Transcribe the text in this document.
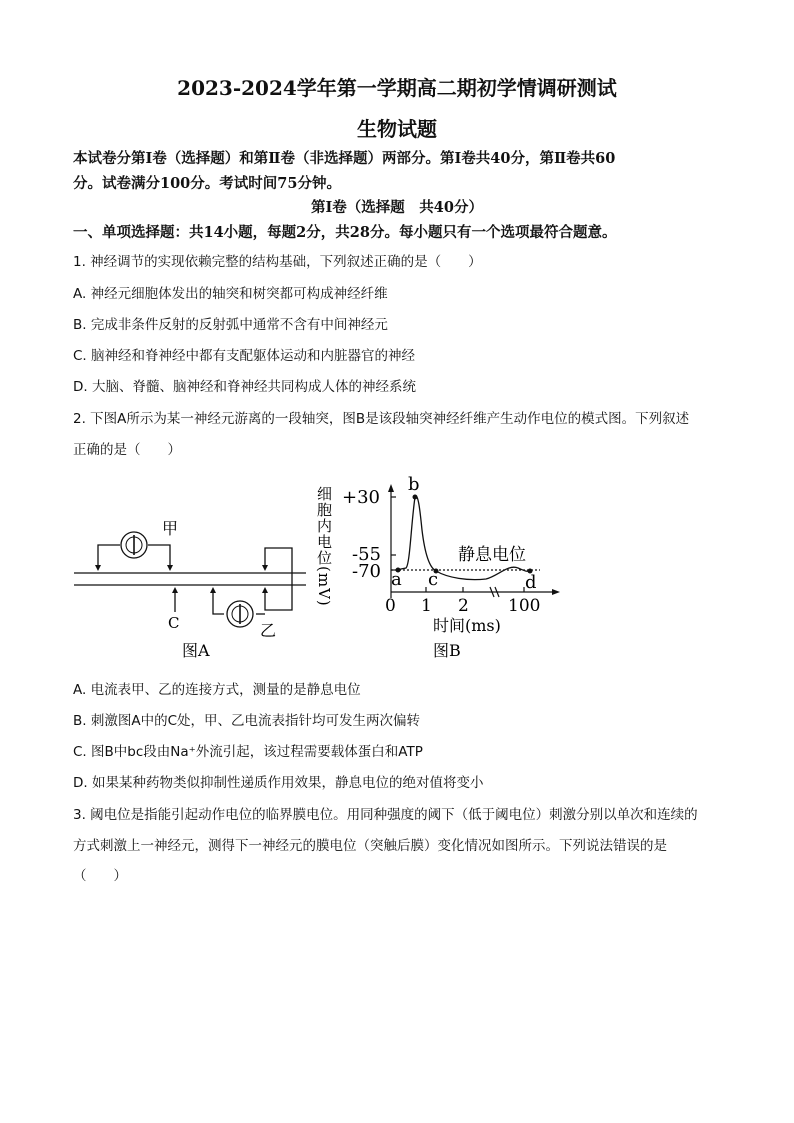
2023-2024学年第一学期高二期初学情调研测试
生物试题
本试卷分第Ⅰ卷（选择题）和第Ⅱ卷（非选择题）两部分。第Ⅰ卷共40分，第Ⅱ卷共60
分。试卷满分100分。考试时间75分钟。
第Ⅰ卷（选择题　共40分）
一、单项选择题：共14小题，每题2分，共28分。每小题只有一个选项最符合题意。
1. 神经调节的实现依赖完整的结构基础，下列叙述正确的是（　　）
A. 神经元细胞体发出的轴突和树突都可构成神经纤维
B. 完成非条件反射的反射弧中通常不含有中间神经元
C. 脑神经和脊神经中都有支配躯体运动和内脏器官的神经
D. 大脑、脊髓、脑神经和脊神经共同构成人体的神经系统
2. 下图A所示为某一神经元游离的一段轴突，图B是该段轴突神经纤维产生动作电位的模式图。下列叙述
正确的是（　　）
甲
乙
C
图A
细胞内电位(mV) +30
-55
-70
0 1 2 100
b
a c	d
静息电位
时间(ms)
图B
A. 电流表甲、乙的连接方式，测量的是静息电位
B. 刺激图A中的C处，甲、乙电流表指针均可发生两次偏转
C. 图B中bc段由Na⁺外流引起，该过程需要载体蛋白和ATP
D. 如果某种药物类似抑制性递质作用效果，静息电位的绝对值将变小
3. 阈电位是指能引起动作电位的临界膜电位。用同种强度的阈下（低于阈电位）刺激分别以单次和连续的
方式刺激上一神经元，测得下一神经元的膜电位（突触后膜）变化情况如图所示。下列说法错误的是
（　　）
